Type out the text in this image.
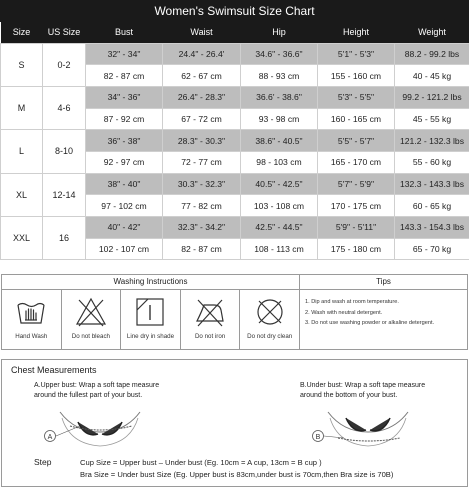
Women's Swimsuit Size Chart
Size	US Size	Bust	Waist	Hip	Height	Weight
S	0-2	32" - 34"	24.4" - 26.4'	34.6" - 36.6"	5'1" - 5'3"	88.2 - 99.2 lbs
		82 - 87 cm	62 - 67 cm	88 - 93 cm	155 - 160 cm	40 - 45 kg
M	4-6	34" - 36"	26.4" - 28.3"	36.6' - 38.6"	5'3" - 5'5"	99.2 - 121.2 lbs
		87 - 92 cm	67 - 72 cm	93 - 98 cm	160 - 165 cm	45 - 55 kg
L	8-10	36" - 38"	28.3" - 30.3"	38.6" - 40.5"	5'5" - 5'7"	121.2 - 132.3 lbs
		92 - 97 cm	72 - 77 cm	98 - 103 cm	165 - 170 cm	55 - 60 kg
XL	12-14	38" - 40"	30.3" - 32.3"	40.5" - 42.5"	5'7" - 5'9"	132.3 - 143.3 lbs
		97 - 102 cm	77 - 82 cm	103 - 108 cm	170 - 175 cm	60 - 65 kg
XXL	16	40" - 42"	32.3" - 34.2"	42.5" - 44.5"	5'9" - 5'11"	143.3 - 154.3 lbs
		102 - 107 cm	82 - 87 cm	108 - 113 cm	175 - 180 cm	65 - 70 kg
Washing Instructions
Hand Wash	Do not bleach	Line dry in shade	Do not iron	Do not dry clean
Tips
1. Dip and wash at room temperature.
2. Wash with neutral detergent.
3. Do not use washing powder or alkaline detergent.
Chest Measurements
A.Upper bust: Wrap a soft tape measure
around the fullest part of your bust.
B.Under bust: Wrap a soft tape measure
around the bottom of your bust.
A	B
Step	Cup Size = Upper bust – Under bust (Eg. 10cm = A cup, 13cm = B cup )
Bra Size = Under bust Size (Eg. Upper bust is 83cm,under bust is 70cm,then Bra size is 70B)
